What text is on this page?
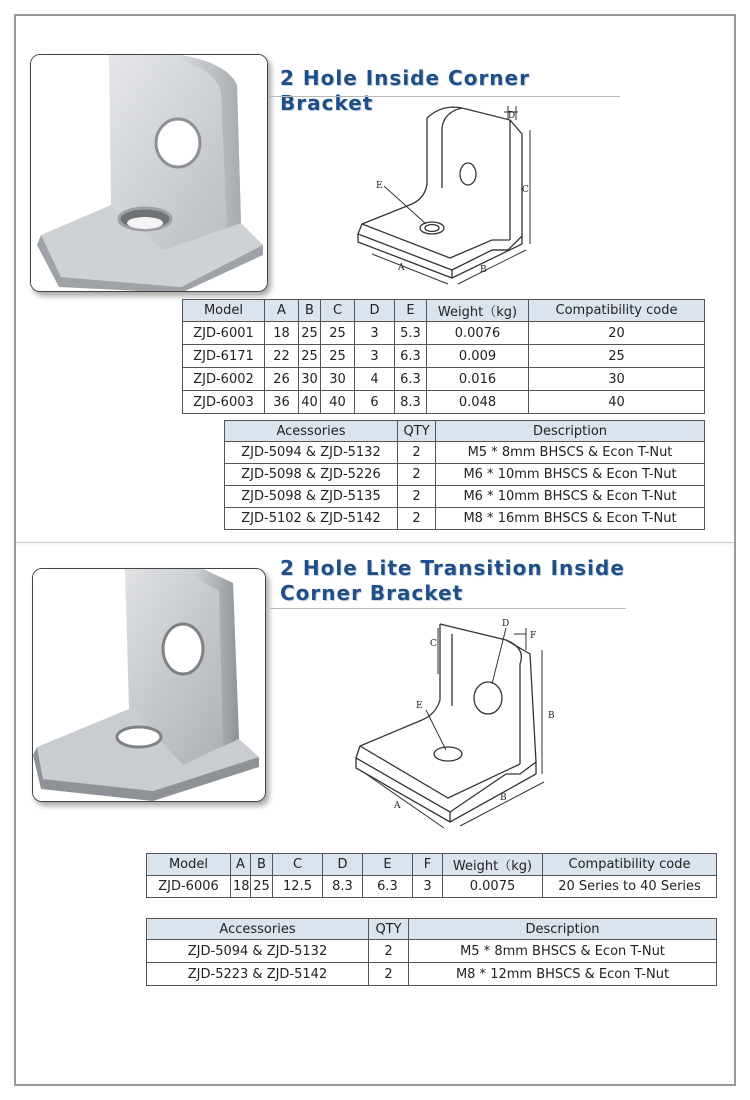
2 Hole Inside Corner Bracket
D
C
E
A	B
Model	A	B	C	D	E	Weight（kg)	Compatibility code
ZJD-6001	18	25	25	3	5.3	0.0076	20
ZJD-6171	22	25	25	3	6.3	0.009	25
ZJD-6002	26	30	30	4	6.3	0.016	30
ZJD-6003	36	40	40	6	8.3	0.048	40
Acessories	QTY	Description
ZJD-5094 & ZJD-5132	2	M5 * 8mm BHSCS & Econ T-Nut
ZJD-5098 & ZJD-5226	2	M6 * 10mm BHSCS & Econ T-Nut
ZJD-5098 & ZJD-5135	2	M6 * 10mm BHSCS & Econ T-Nut
ZJD-5102 & ZJD-5142	2	M8 * 16mm BHSCS & Econ T-Nut
2 Hole Lite Transition Inside
Corner Bracket
D
F
C
E
B
A
B
Model	A	B	C	D	E	F	Weight（kg)	Compatibility code
ZJD-6006	18	25	12.5	8.3	6.3	3	0.0075	20 Series to 40 Series
Accessories	QTY	Description
ZJD-5094 & ZJD-5132	2	M5 * 8mm BHSCS & Econ T-Nut
ZJD-5223 & ZJD-5142	2	M8 * 12mm BHSCS & Econ T-Nut
